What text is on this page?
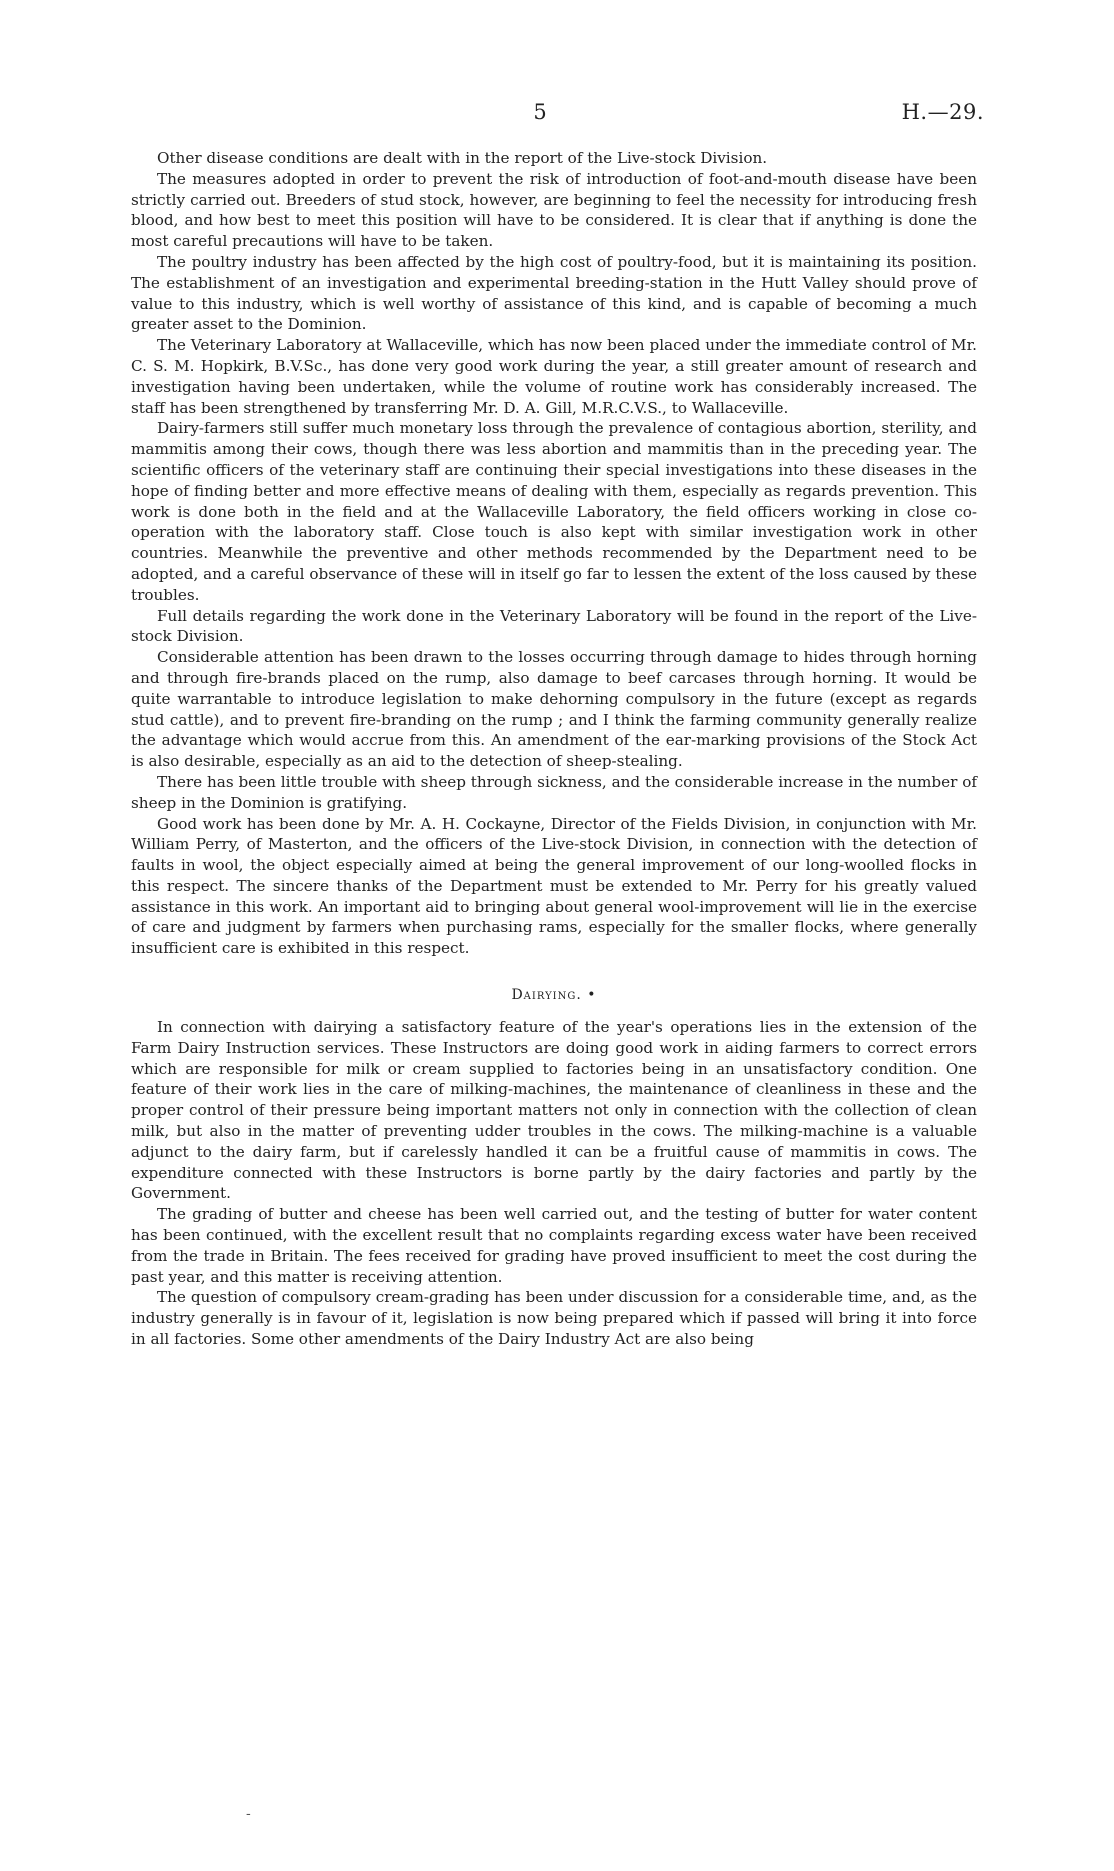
5	H.—29.

Other disease conditions are dealt with in the report of the Live-stock Division.

The measures adopted in order to prevent the risk of introduction of foot-and-mouth disease have been strictly carried out. Breeders of stud stock, however, are beginning to feel the necessity for introducing fresh blood, and how best to meet this position will have to be considered. It is clear that if anything is done the most careful precautions will have to be taken.

The poultry industry has been affected by the high cost of poultry-food, but it is maintaining its position. The establishment of an investigation and experimental breeding-station in the Hutt Valley should prove of value to this industry, which is well worthy of assistance of this kind, and is capable of becoming a much greater asset to the Dominion.

The Veterinary Laboratory at Wallaceville, which has now been placed under the immediate control of Mr. C. S. M. Hopkirk, B.V.Sc., has done very good work during the year, a still greater amount of research and investigation having been undertaken, while the volume of routine work has considerably increased. The staff has been strengthened by transferring Mr. D. A. Gill, M.R.C.V.S., to Wallaceville.

Dairy-farmers still suffer much monetary loss through the prevalence of contagious abortion, sterility, and mammitis among their cows, though there was less abortion and mammitis than in the preceding year. The scientific officers of the veterinary staff are continuing their special investigations into these diseases in the hope of finding better and more effective means of dealing with them, especially as regards prevention. This work is done both in the field and at the Wallaceville Laboratory, the field officers working in close co-operation with the laboratory staff. Close touch is also kept with similar investigation work in other countries. Meanwhile the preventive and other methods recommended by the Department need to be adopted, and a careful observance of these will in itself go far to lessen the extent of the loss caused by these troubles.

Full details regarding the work done in the Veterinary Laboratory will be found in the report of the Live-stock Division.

Considerable attention has been drawn to the losses occurring through damage to hides through horning and through fire-brands placed on the rump, also damage to beef carcases through horning. It would be quite warrantable to introduce legislation to make dehorning compulsory in the future (except as regards stud cattle), and to prevent fire-branding on the rump ; and I think the farming community generally realize the advantage which would accrue from this. An amendment of the ear-marking provisions of the Stock Act is also desirable, especially as an aid to the detection of sheep-stealing.

There has been little trouble with sheep through sickness, and the considerable increase in the number of sheep in the Dominion is gratifying.

Good work has been done by Mr. A. H. Cockayne, Director of the Fields Division, in conjunction with Mr. William Perry, of Masterton, and the officers of the Live-stock Division, in connection with the detection of faults in wool, the object especially aimed at being the general improvement of our long-woolled flocks in this respect. The sincere thanks of the Department must be extended to Mr. Perry for his greatly valued assistance in this work. An important aid to bringing about general wool-improvement will lie in the exercise of care and judgment by farmers when purchasing rams, especially for the smaller flocks, where generally insufficient care is exhibited in this respect.

Dairying. •

In connection with dairying a satisfactory feature of the year's operations lies in the extension of the Farm Dairy Instruction services. These Instructors are doing good work in aiding farmers to correct errors which are responsible for milk or cream supplied to factories being in an unsatisfactory condition. One feature of their work lies in the care of milking-machines, the maintenance of cleanliness in these and the proper control of their pressure being important matters not only in connection with the collection of clean milk, but also in the matter of preventing udder troubles in the cows. The milking-machine is a valuable adjunct to the dairy farm, but if carelessly handled it can be a fruitful cause of mammitis in cows. The expenditure connected with these Instructors is borne partly by the dairy factories and partly by the Government.

The grading of butter and cheese has been well carried out, and the testing of butter for water content has been continued, with the excellent result that no complaints regarding excess water have been received from the trade in Britain. The fees received for grading have proved insufficient to meet the cost during the past year, and this matter is receiving attention.

The question of compulsory cream-grading has been under discussion for a considerable time, and, as the industry generally is in favour of it, legislation is now being prepared which if passed will bring it into force in all factories. Some other amendments of the Dairy Industry Act are also being

-
